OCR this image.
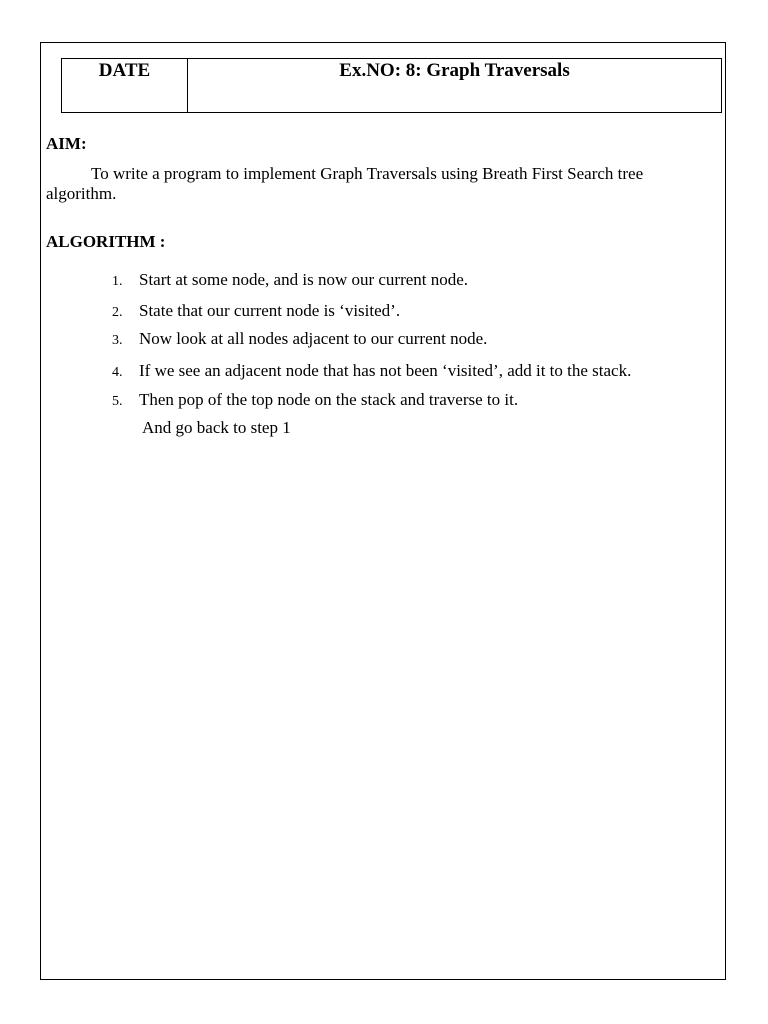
DATE	Ex.NO: 8: Graph Traversals
AIM:
To write a program to implement Graph Traversals using Breath First Search tree algorithm.
ALGORITHM :
1. Start at some node, and is now our current node.
2. State that our current node is ‘visited’.
3. Now look at all nodes adjacent to our current node.
4. If we see an adjacent node that has not been ‘visited’, add it to the stack.
5. Then pop of the top node on the stack and traverse to it.
And go back to step 1
